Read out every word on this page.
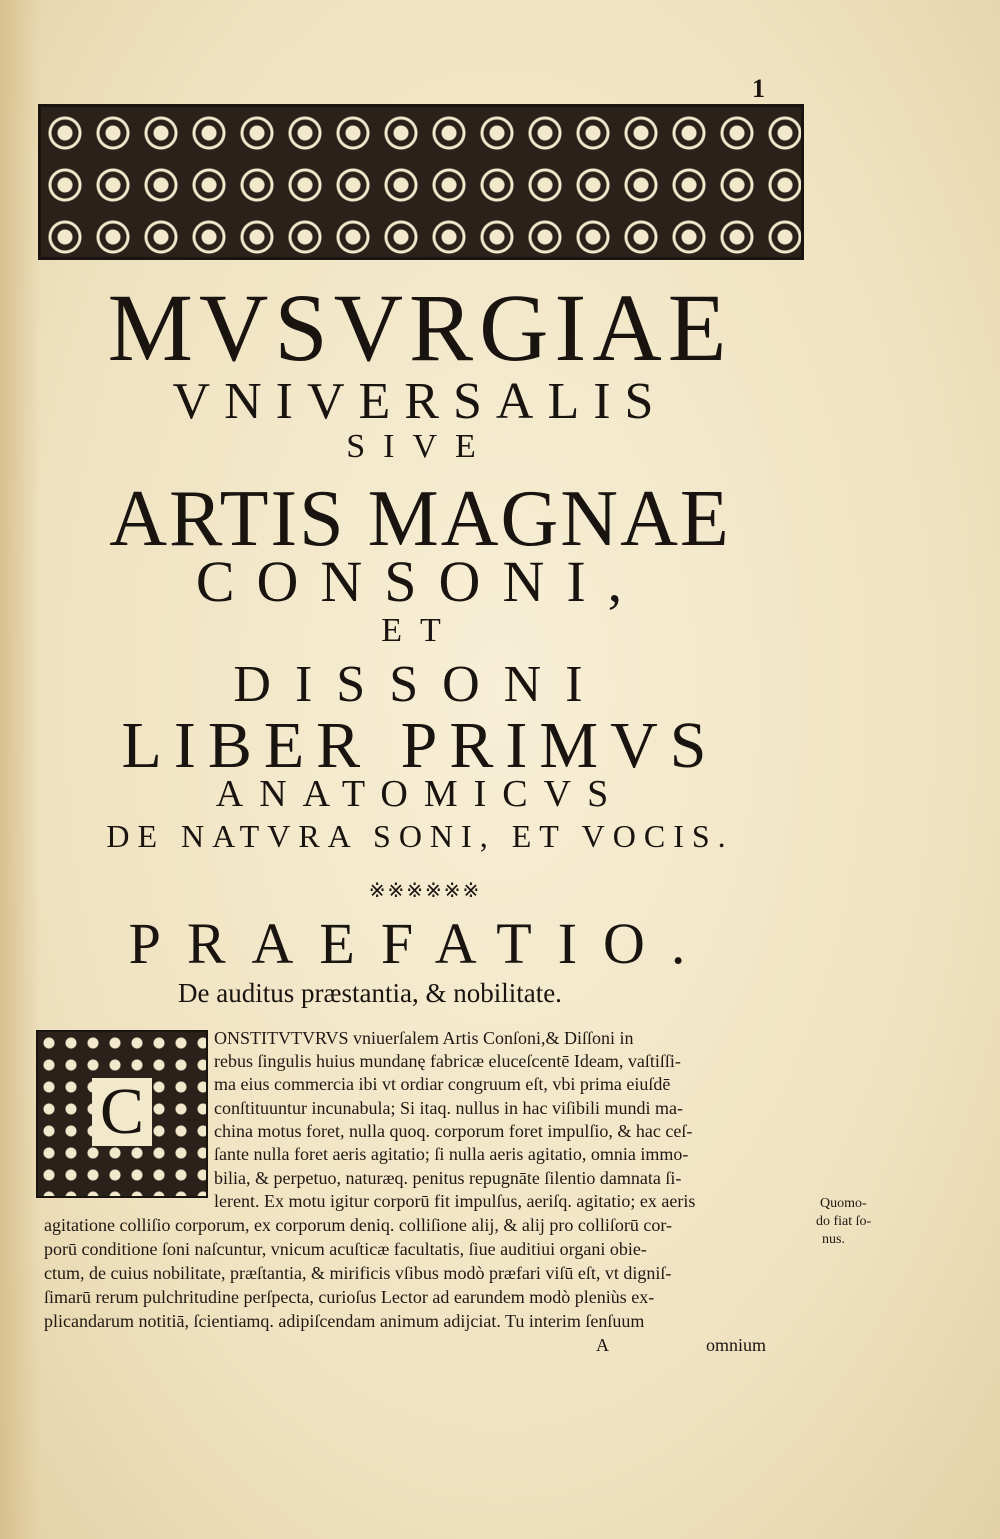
1
MVSVRGIAE
VNIVERSALIS
SIVE
ARTIS MAGNAE
CONSONI,
ET
DISSONI
LIBER PRIMVS
ANATOMICVS
DE NATVRA SONI, ET VOCIS.
※※※※※※
PRAEFATIO.
De auditus præstantia, & nobilitate.
C
ONSTITVTVRVS vniuerſalem Artis Conſoni,& Diſſoni in
rebus ſingulis huius mundanę fabricæ eluceſcentē Ideam, vaſtiſſi-
ma eius commercia ibi vt ordiar congruum eſt, vbi prima eiuſdē
conſtituuntur incunabula; Si itaq. nullus in hac viſibili mundi ma-
china motus foret, nulla quoq. corporum foret impulſio, & hac ceſ-
ſante nulla foret aeris agitatio; ſi nulla aeris agitatio, omnia immo-
bilia, & perpetuo, naturæq. penitus repugnāte ſilentio damnata ſi-
lerent. Ex motu igitur corporū fit impulſus, aeriſq. agitatio; ex aeris
agitatione colliſio corporum, ex corporum deniq. colliſione alij, & alij pro colliſorū cor-
porū conditione ſoni naſcuntur, vnicum acuſticæ facultatis, ſiue auditiui organi obie-
ctum, de cuius nobilitate, præſtantia, & mirificis vſibus modò præfari viſū eſt, vt digniſ-
ſimarū rerum pulchritudine perſpecta, curioſus Lector ad earundem modò pleniùs ex-
plicandarum notitiā, ſcientiamq. adipiſcendam animum adijciat. Tu interim ſenſuum
Quomo-
do fiat ſo-
nus.
A	omnium
